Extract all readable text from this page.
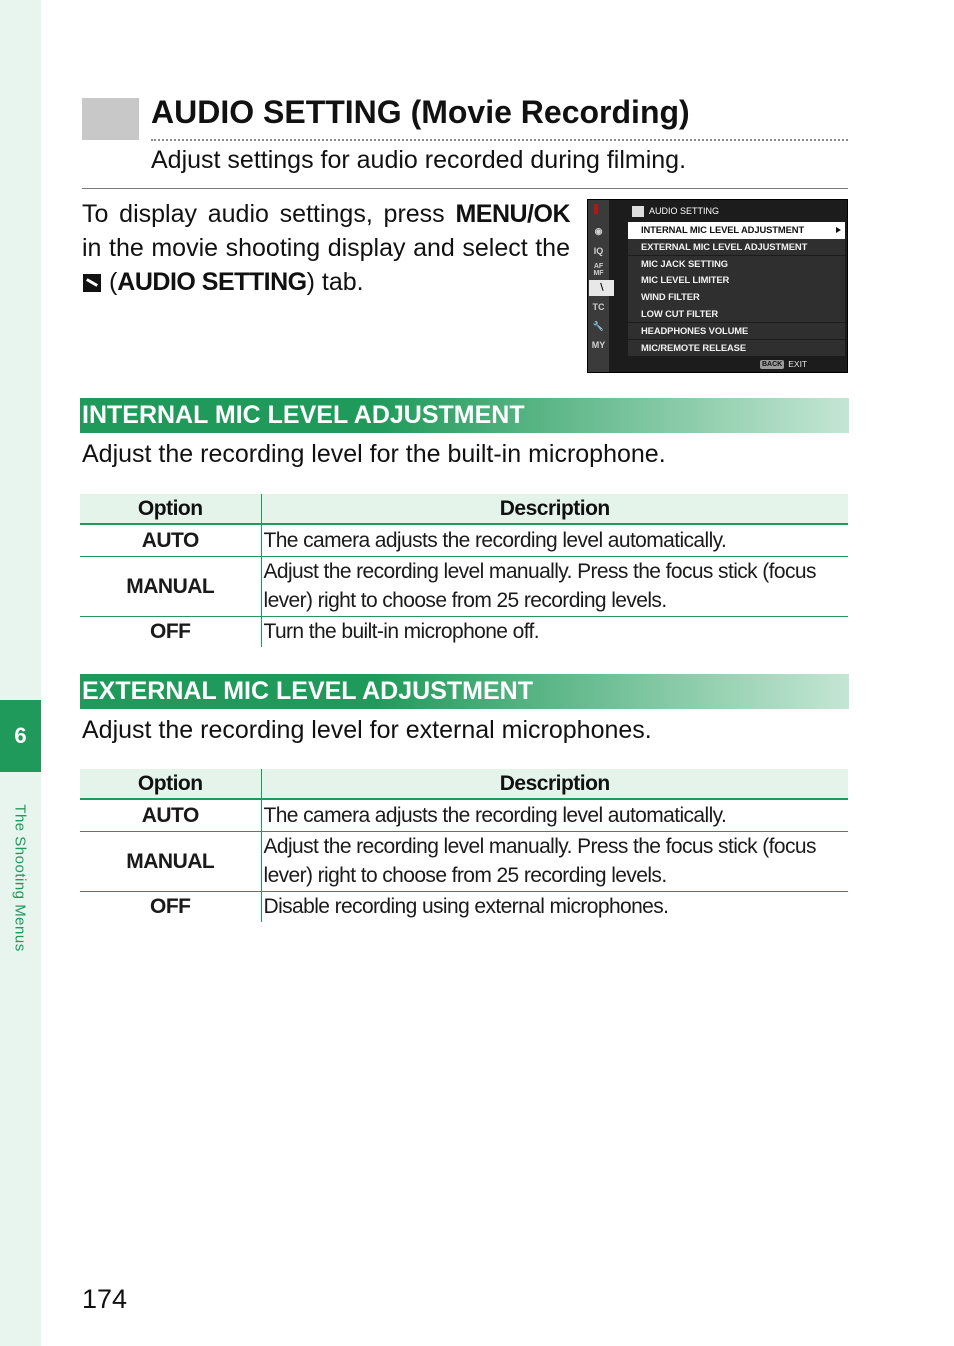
6
The Shooting Menus
AUDIO SETTING (Movie Recording)
Adjust settings for audio recorded during filming.

To display audio settings, press MENU/OK in the movie shooting display and select the  (AUDIO SETTING) tab.

◉
IQ
AF MF
∖
TC
🔧
MY
AUDIO SETTING
INTERNAL MIC LEVEL ADJUSTMENT
EXTERNAL MIC LEVEL ADJUSTMENT
MIC JACK SETTING
MIC LEVEL LIMITER
WIND FILTER
LOW CUT FILTER
HEADPHONES VOLUME
MIC/REMOTE RELEASE
BACK EXIT
INTERNAL MIC LEVEL ADJUSTMENT

Adjust the recording level for the built-in microphone.

Option	Description
AUTO	The camera adjusts the recording level automatically.
MANUAL	Adjust the recording level manually. Press the focus stick (focus lever) right to choose from 25 recording levels.
OFF	Turn the built-in microphone off.
EXTERNAL MIC LEVEL ADJUSTMENT

Adjust the recording level for external microphones.

Option	Description
AUTO	The camera adjusts the recording level automatically.
MANUAL	Adjust the recording level manually. Press the focus stick (focus lever) right to choose from 25 recording levels.
OFF	Disable recording using external microphones.
174
